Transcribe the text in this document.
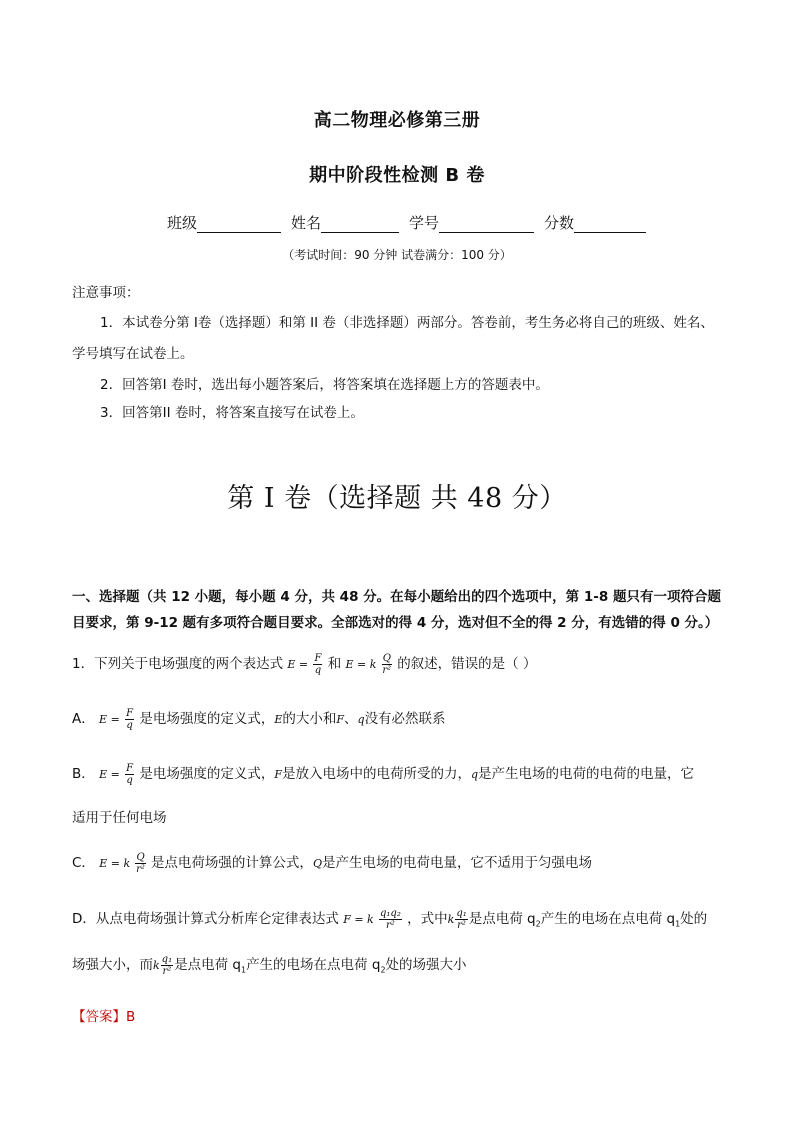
高二物理必修第三册
期中阶段性检测 B 卷
班级	姓名	学号	分数
（考试时间：90 分钟 试卷满分：100 分）
注意事项：
1．本试卷分第 I卷（选择题）和第 II 卷（非选择题）两部分。答卷前，考生务必将自己的班级、姓名、
学号填写在试卷上。
2．回答第I 卷时，选出每小题答案后，将答案填在选择题上方的答题表中。
3．回答第II 卷时，将答案直接写在试卷上。
第 I 卷（选择题 共 48 分）
一、选择题（共 12 小题，每小题 4 分，共 48 分。在每小题给出的四个选项中，第 1-8 题只有一项符合题目要求，第 9-12 题有多项符合题目要求。全部选对的得 4 分，选对但不全的得 2 分，有选错的得 0 分。）
1．下列关于电场强度的两个表达式 $E = \frac{F}{q}$ 和 E = k $\frac{Q}{\text{r²}}$ 的叙述，错误的是（ ）
A． $E = \frac{F}{q}$ 是电场强度的定义式，E的大小和F、q没有必然联系
B． $E = \frac{F}{q}$ 是电场强度的定义式，F是放入电场中的电荷所受的力，q是产生电场的电荷的电荷的电量，它
适用于任何电场
C． E = k $\frac{Q}{\text{r²}}$ 是点电荷场强的计算公式，Q是产生电场的电荷电量，它不适用于匀强电场
D．从点电荷场强计算式分析库仑定律表达式 F = k $\frac{\text{q₁q₂}}{\text{r²}}$ ，式中k $\frac{\text{q₁}}{\text{r²}}$ 是点电荷 $q_2$产生的电场在点电荷 $q_1$处的
场强大小，而k $\frac{\text{q₁}}{\text{r²}}$ 是点电荷 $q_1$产生的电场在点电荷 $q_2$处的场强大小
【答案】B
